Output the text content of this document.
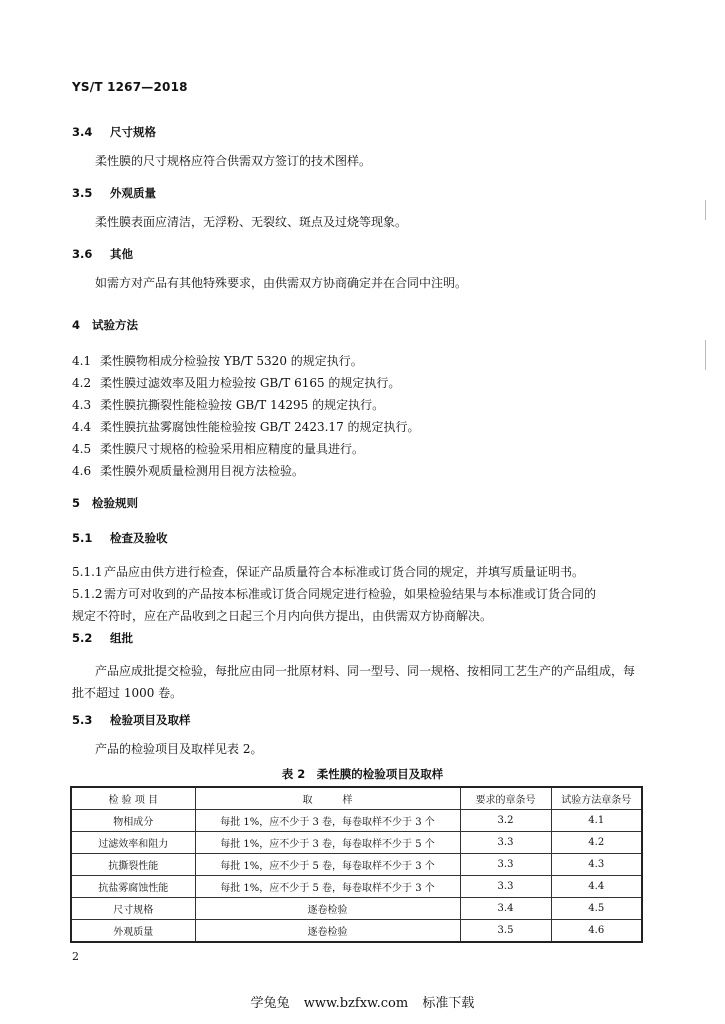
YS/T 1267—2018
3.4 尺寸规格
柔性膜的尺寸规格应符合供需双方签订的技术图样。
3.5 外观质量
柔性膜表面应清洁，无浮粉、无裂纹、斑点及过烧等现象。
3.6 其他
如需方对产品有其他特殊要求，由供需双方协商确定并在合同中注明。
4 试验方法
4.1 柔性膜物相成分检验按 YB/T 5320 的规定执行。
4.2 柔性膜过滤效率及阻力检验按 GB/T 6165 的规定执行。
4.3 柔性膜抗撕裂性能检验按 GB/T 14295 的规定执行。
4.4 柔性膜抗盐雾腐蚀性能检验按 GB/T 2423.17 的规定执行。
4.5 柔性膜尺寸规格的检验采用相应精度的量具进行。
4.6 柔性膜外观质量检测用目视方法检验。
5 检验规则
5.1 检查及验收
5.1.1产品应由供方进行检查，保证产品质量符合本标准或订货合同的规定，并填写质量证明书。
5.1.2需方可对收到的产品按本标准或订货合同规定进行检验，如果检验结果与本标准或订货合同的
规定不符时，应在产品收到之日起三个月内向供方提出，由供需双方协商解决。
5.2 组批
产品应成批提交检验，每批应由同一批原材料、同一型号、同一规格、按相同工艺生产的产品组成，每
批不超过 1000 卷。
5.3 检验项目及取样
产品的检验项目及取样见表 2。
表 2　柔性膜的检验项目及取样
检 验 项 目	取　　　样	要求的章条号	试验方法章条号
物相成分	每批 1%，应不少于 3 卷，每卷取样不少于 3 个	3.2	4.1
过滤效率和阻力	每批 1%，应不少于 3 卷，每卷取样不少于 5 个	3.3	4.2
抗撕裂性能	每批 1%，应不少于 5 卷，每卷取样不少于 3 个	3.3	4.3
抗盐雾腐蚀性能	每批 1%，应不少于 5 卷，每卷取样不少于 3 个	3.3	4.4
尺寸规格	逐卷检验	3.4	4.5
外观质量	逐卷检验	3.5	4.6
2
学兔兔 www.bzfxw.com 标准下载
